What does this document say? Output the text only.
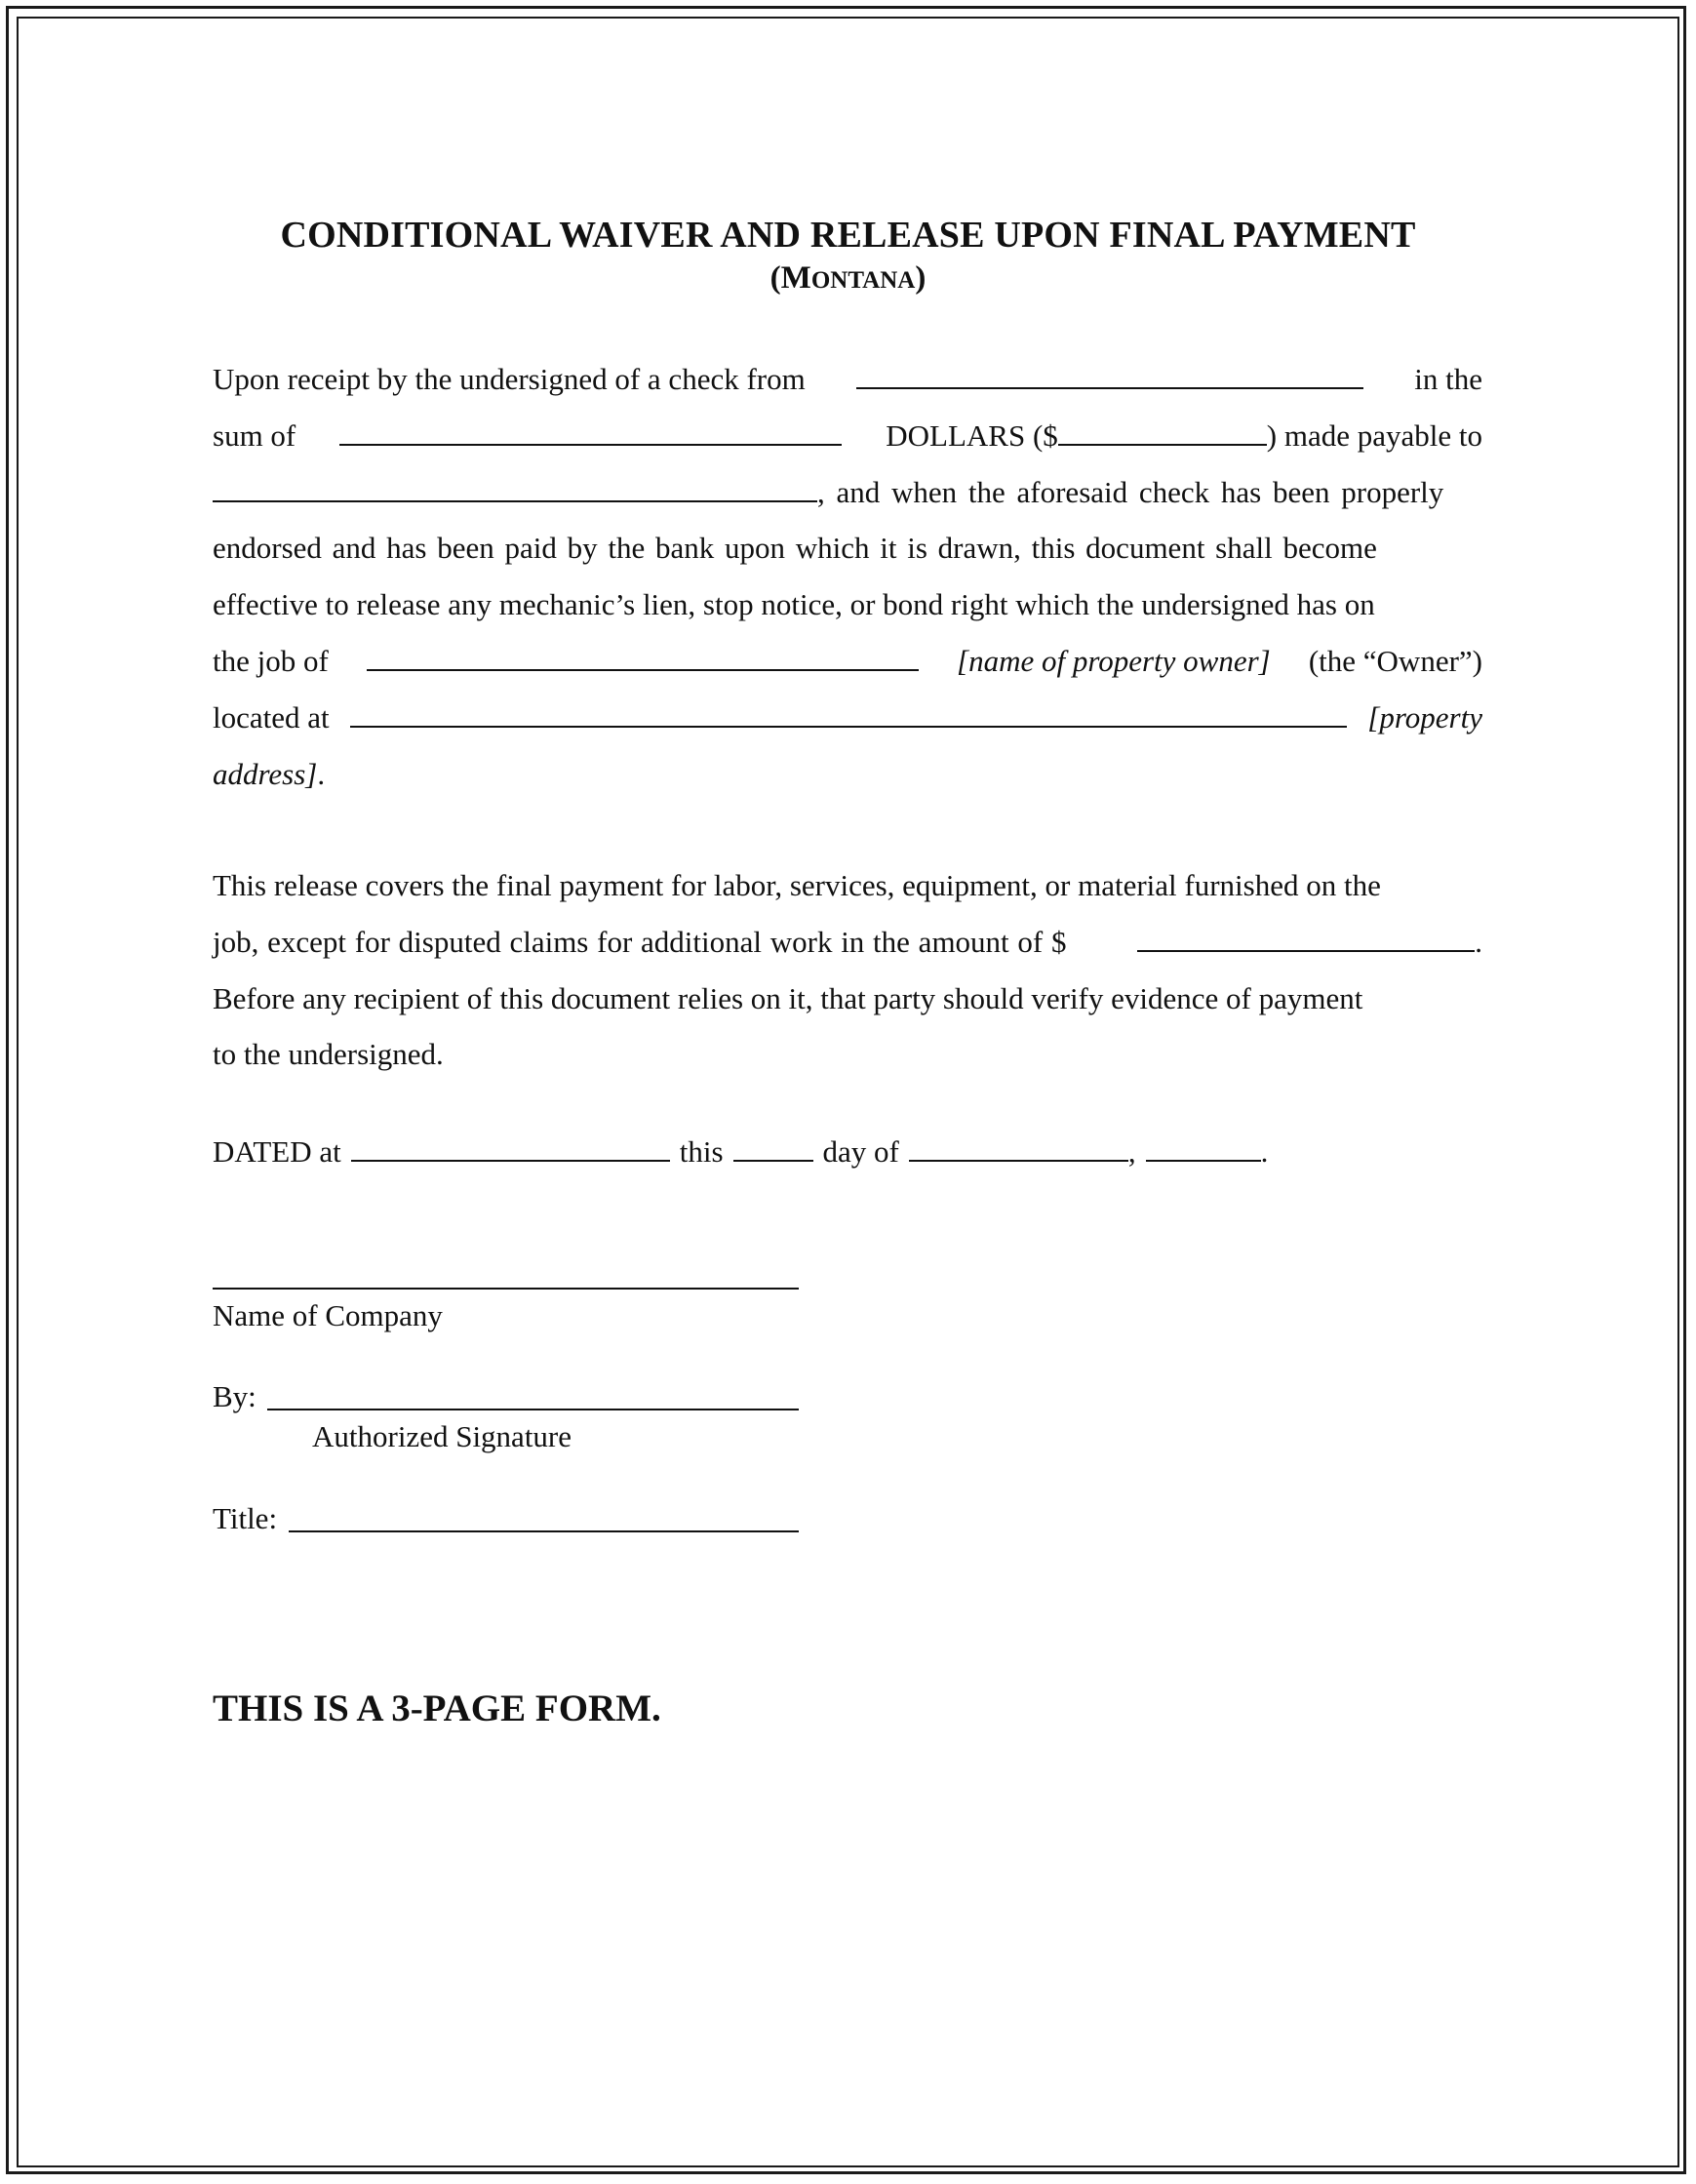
CONDITIONAL WAIVER AND RELEASE UPON FINAL PAYMENT
(MONTANA)
Upon receipt by the undersigned of a check from	in the
sum of	DOLLARS ($	) made payable to
, and when the aforesaid check has been properly
endorsed and has been paid by the bank upon which it is drawn, this document shall become
effective to release any mechanic’s lien, stop notice, or bond right which the undersigned has on
the job of	[name of property owner] (the “Owner”)
located at	[property
address] .
This release covers the final payment for labor, services, equipment, or material furnished on the
job, except for disputed claims for additional work in the amount of $	.
Before any recipient of this document relies on it, that party should verify evidence of payment
to the undersigned.
DATED at	this	day of	,	.
Name of Company
By:
Authorized Signature
Title:
THIS IS A 3-PAGE FORM.
